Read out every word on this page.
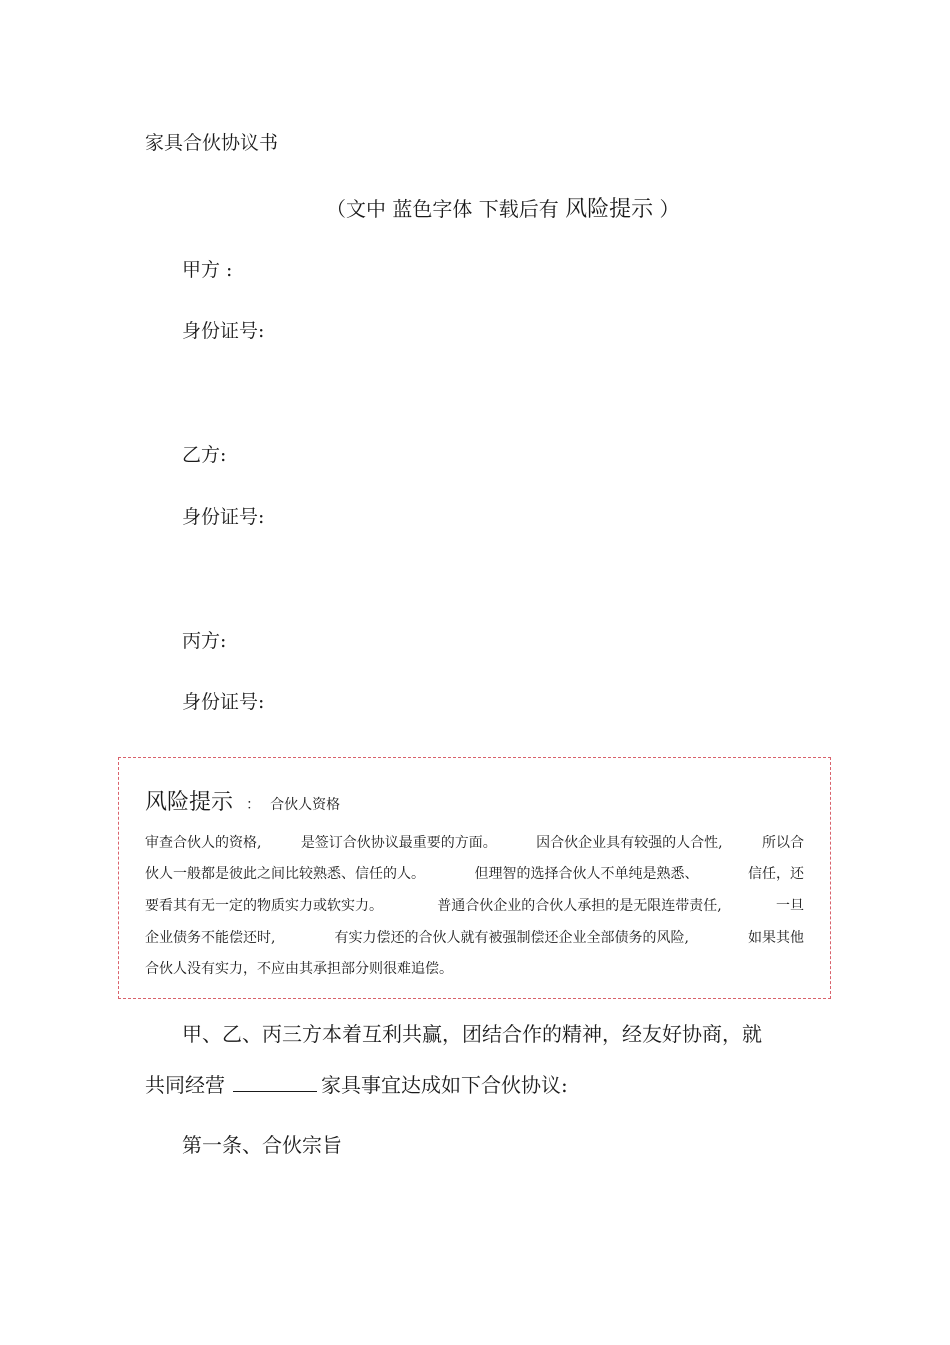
家具合伙协议书
（文中 蓝色字体 下载后有 风险提示 ）
甲方 :
身份证号:
乙方:
身份证号:
丙方:
身份证号:
风险提示 ： 合伙人资格
审查合伙人的资格,	是签订合伙协议最重要的方面。	因合伙企业具有较强的人合性,	所以合
伙人一般都是彼此之间比较熟悉、信任的人。	但理智的选择合伙人不单纯是熟悉、	信任，还
要看其有无一定的物质实力或软实力。	普通合伙企业的合伙人承担的是无限连带责任,	一旦
企业债务不能偿还时,	有实力偿还的合伙人就有被强制偿还企业全部债务的风险,	如果其他
合伙人没有实力，不应由其承担部分则很难追偿。
甲、乙、丙三方本着互利共赢，团结合作的精神，经友好协商，就
共同经营	家具事宜达成如下合伙协议:
第一条、合伙宗旨
